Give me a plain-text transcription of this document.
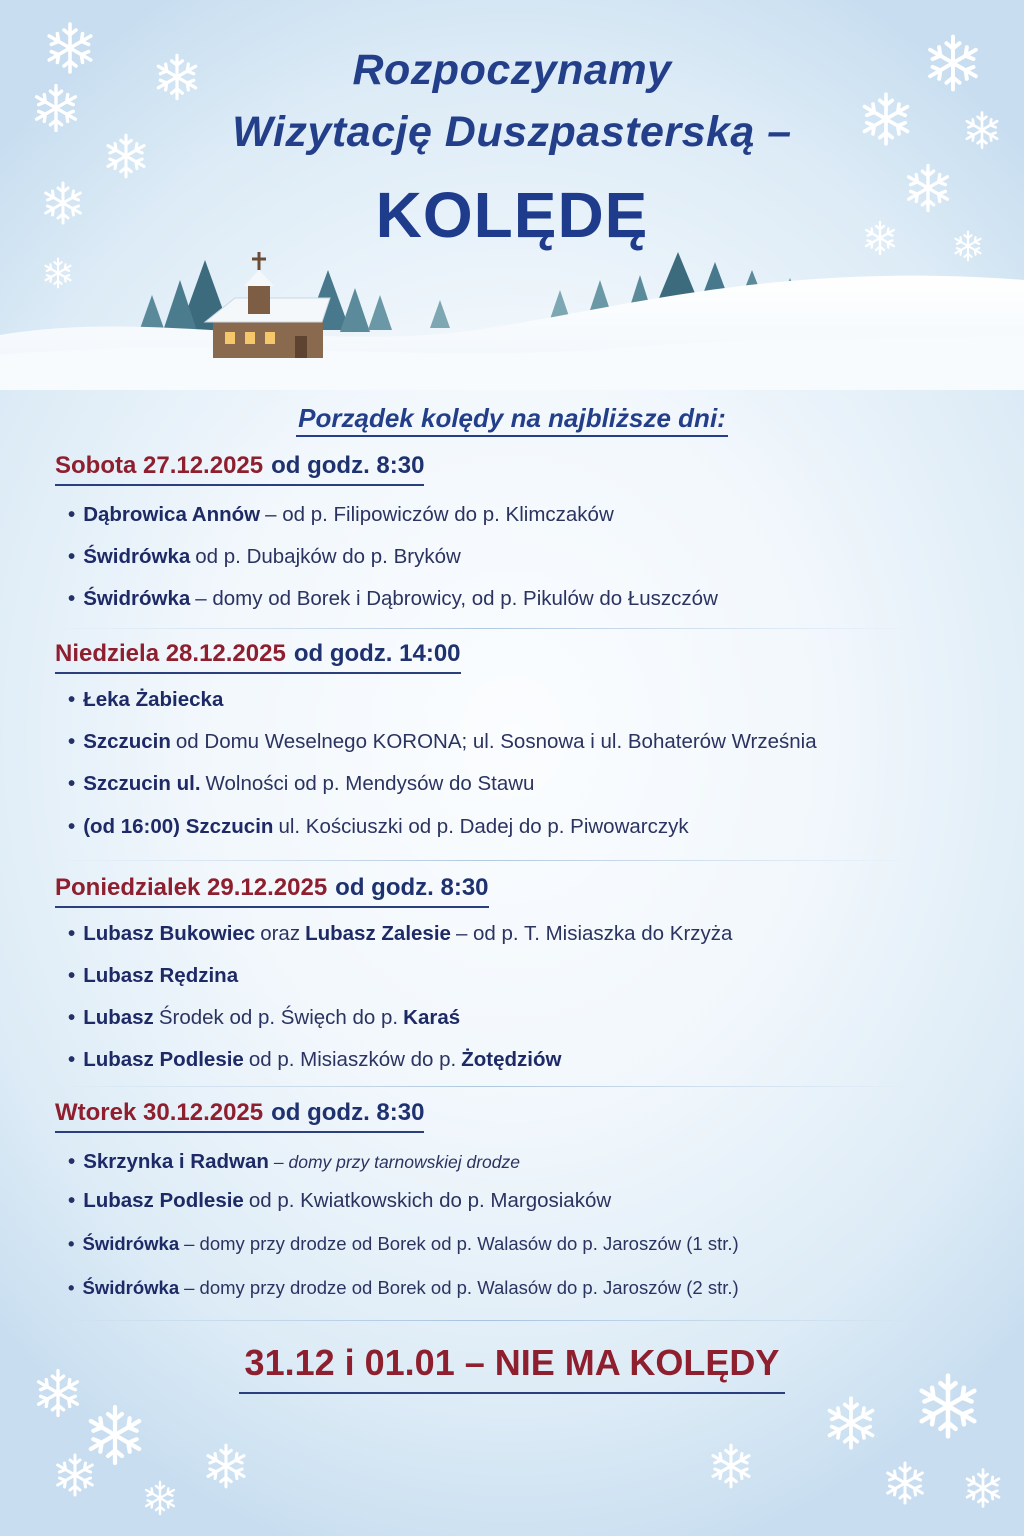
Rozpoczynamy
Wizytację Duszpasterską –
KOLĘDĘ
Porządek kolędy na najbliższe dni:
Sobota 27.12.2025 od godz. 8:30
• Dąbrowica Annów – od p. Filipowiczów do p. Klimczaków
• Świdrówka od p. Dubajków do p. Bryków
• Świdrówka – domy od Borek i Dąbrowicy, od p. Pikulów do Łuszczów
Niedziela 28.12.2025 od godz. 14:00
• Łeka Żabiecka
• Szczucin od Domu Weselnego KORONA; ul. Sosnowa i ul. Bohaterów Września
• Szczucin ul. Wolności od p. Mendysów do Stawu
• (od 16:00) Szczucin ul. Kościuszki od p. Dadej do p. Piwowarczyk
Poniedzialek 29.12.2025 od godz. 8:30
• Lubasz Bukowiec oraz Lubasz Zalesie – od p. T. Misiaszka do Krzyża
• Lubasz Rędzina
• Lubasz Środek od p. Święch do p. Karaś
• Lubasz Podlesie od p. Misiaszków do p. Żotędziów
Wtorek 30.12.2025 od godz. 8:30
• Skrzynka i Radwan – domy przy tarnowskiej drodze
• Lubasz Podlesie od p. Kwiatkowskich do p. Margosiaków
• Świdrówka – domy przy drodze od Borek od p. Walasów do p. Jaroszów (1 str.)
• Świdrówka – domy przy drodze od Borek od p. Walasów do p. Jaroszów (2 str.)
31.12 i 01.01 – NIE MA KOLĘDY
